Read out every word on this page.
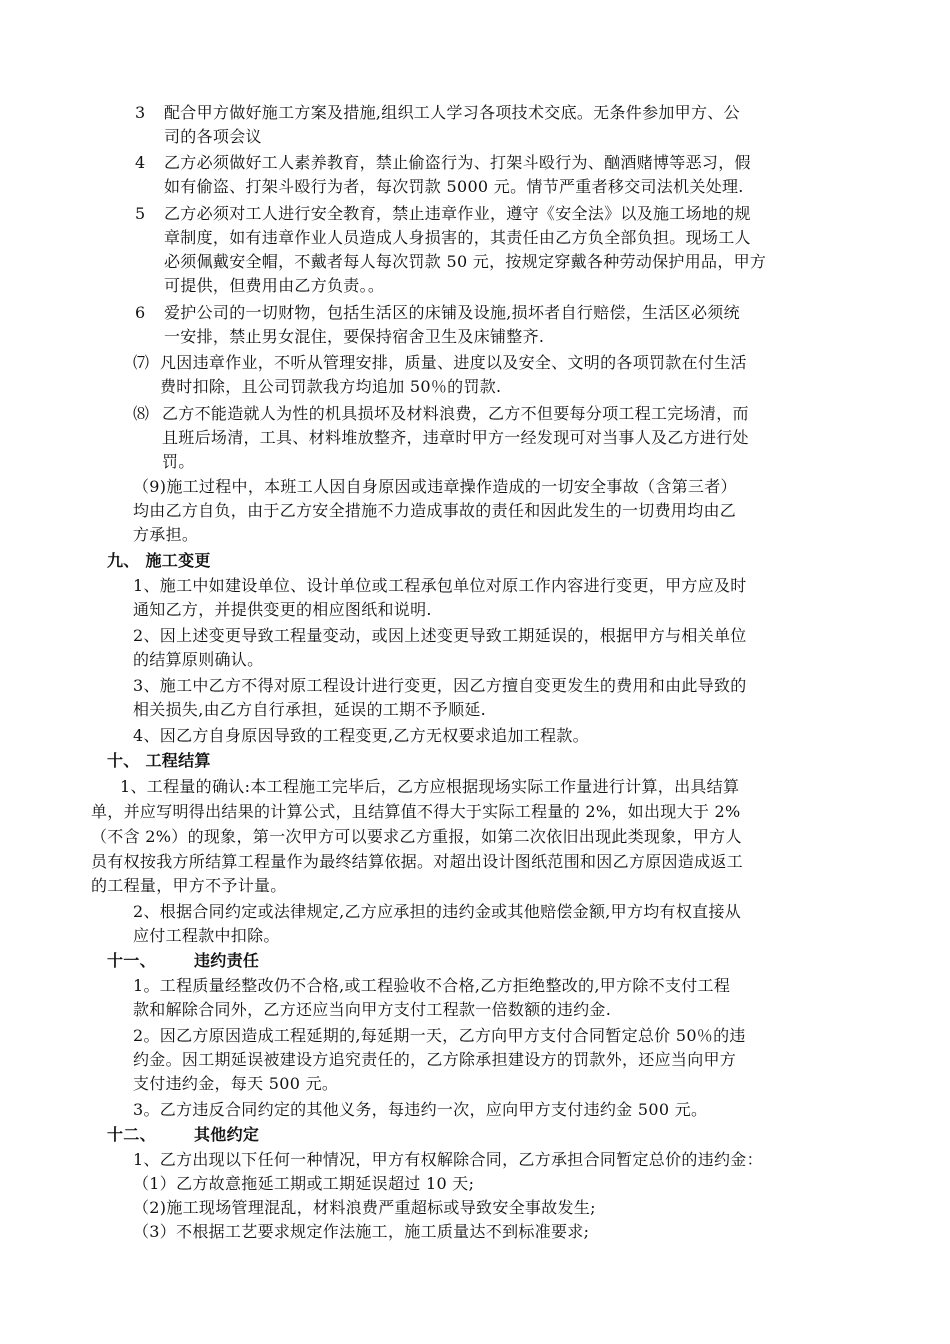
3 配合甲方做好施工方案及措施,组织工人学习各项技术交底。无条件参加甲方、公
司的各项会议
4 乙方必须做好工人素养教育，禁止偷盗行为、打架斗殴行为、酗酒赌博等恶习，假
如有偷盗、打架斗殴行为者，每次罚款 5000 元。情节严重者移交司法机关处理.
5 乙方必须对工人进行安全教育，禁止违章作业，遵守《安全法》以及施工场地的规
章制度，如有违章作业人员造成人身损害的，其责任由乙方负全部负担。现场工人
必须佩戴安全帽，不戴者每人每次罚款 50 元，按规定穿戴各种劳动保护用品，甲方
可提供，但费用由乙方负责。。
6 爱护公司的一切财物，包括生活区的床铺及设施,损坏者自行赔偿，生活区必须统
一安排，禁止男女混住，要保持宿舍卫生及床铺整齐.
⑺ 凡因违章作业，不听从管理安排，质量、进度以及安全、文明的各项罚款在付生活
费时扣除，且公司罚款我方均追加 50％的罚款.
⑻ 乙方不能造就人为性的机具损坏及材料浪费，乙方不但要每分项工程工完场清，而
且班后场清，工具、材料堆放整齐，违章时甲方一经发现可对当事人及乙方进行处
罚。
（9)施工过程中，本班工人因自身原因或违章操作造成的一切安全事故（含第三者）
均由乙方自负，由于乙方安全措施不力造成事故的责任和因此发生的一切费用均由乙
方承担。
九、 施工变更
1、施工中如建设单位、设计单位或工程承包单位对原工作内容进行变更，甲方应及时
通知乙方，并提供变更的相应图纸和说明.
2、因上述变更导致工程量变动，或因上述变更导致工期延误的，根据甲方与相关单位
的结算原则确认。
3、施工中乙方不得对原工程设计进行变更，因乙方擅自变更发生的费用和由此导致的
相关损失,由乙方自行承担，延误的工期不予顺延.
4、因乙方自身原因导致的工程变更,乙方无权要求追加工程款。
十、 工程结算
1、工程量的确认:本工程施工完毕后，乙方应根据现场实际工作量进行计算，出具结算
单，并应写明得出结果的计算公式，且结算值不得大于实际工程量的 2%，如出现大于 2%
（不含 2%）的现象，第一次甲方可以要求乙方重报，如第二次依旧出现此类现象，甲方人
员有权按我方所结算工程量作为最终结算依据。对超出设计图纸范围和因乙方原因造成返工
的工程量，甲方不予计量。
2、根据合同约定或法律规定,乙方应承担的违约金或其他赔偿金额,甲方均有权直接从
应付工程款中扣除。
十一、 违约责任
1。工程质量经整改仍不合格,或工程验收不合格,乙方拒绝整改的,甲方除不支付工程
款和解除合同外，乙方还应当向甲方支付工程款一倍数额的违约金.
2。因乙方原因造成工程延期的,每延期一天，乙方向甲方支付合同暂定总价 50％的违
约金。因工期延误被建设方追究责任的，乙方除承担建设方的罚款外，还应当向甲方
支付违约金，每天 500 元。
3。乙方违反合同约定的其他义务，每违约一次，应向甲方支付违约金 500 元。
十二、 其他约定
1、乙方出现以下任何一种情况，甲方有权解除合同，乙方承担合同暂定总价的违约金：
（1）乙方故意拖延工期或工期延误超过 10 天;
（2)施工现场管理混乱，材料浪费严重超标或导致安全事故发生;
（3）不根据工艺要求规定作法施工，施工质量达不到标准要求;
